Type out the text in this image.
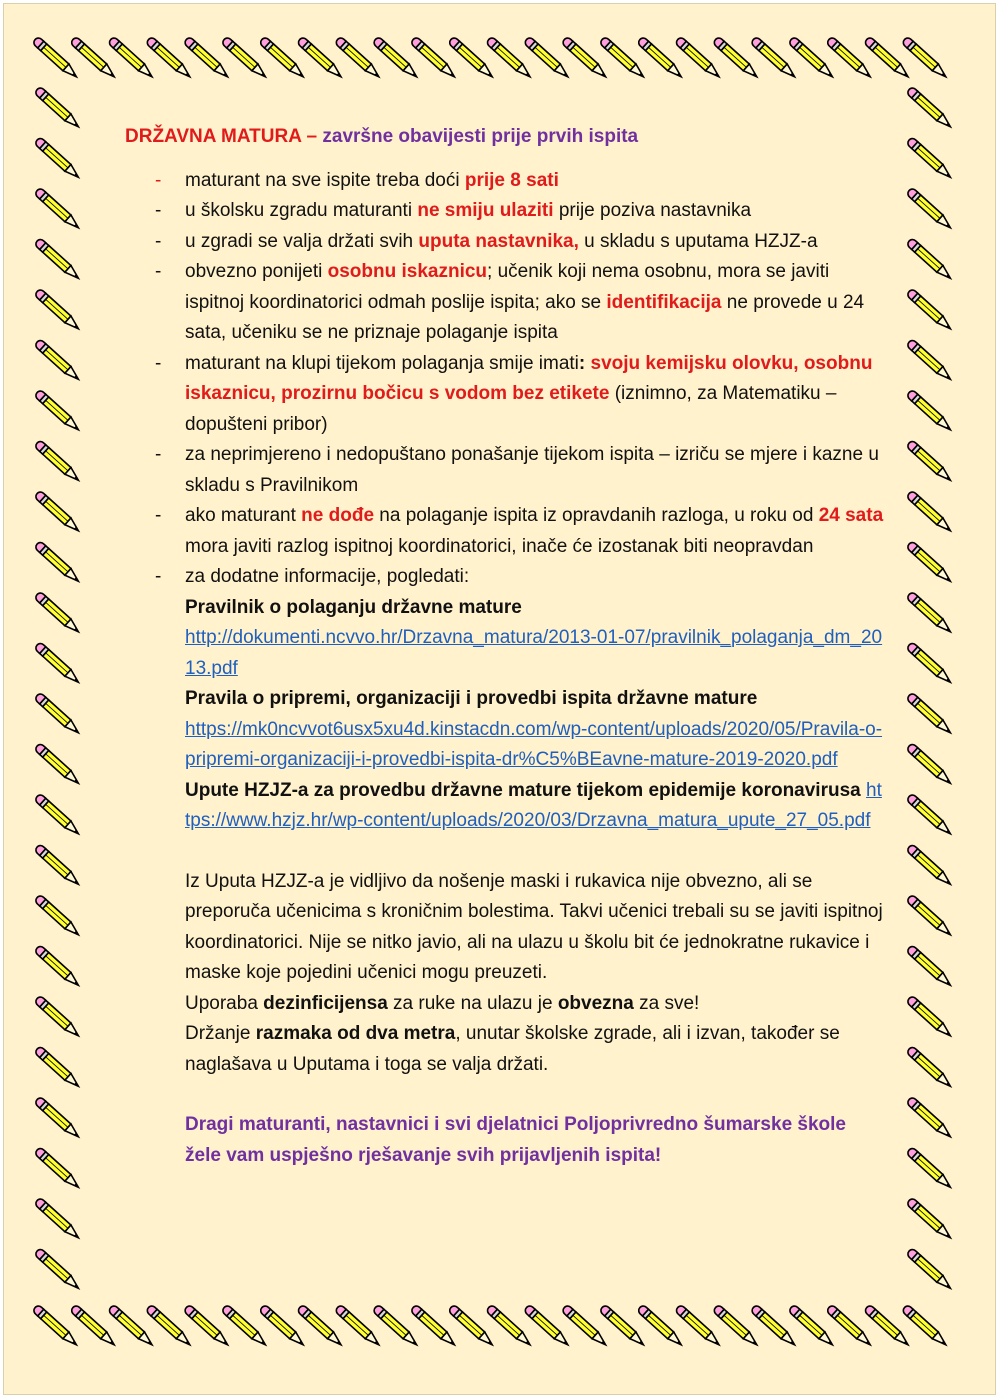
DRŽAVNA MATURA – završne obavijesti prije prvih ispita

- maturant na sve ispite treba doći prije 8 sati
- u školsku zgradu maturanti ne smiju ulaziti prije poziva nastavnika
- u zgradi se valja držati svih uputa nastavnika, u skladu s uputama HZJZ-a
- obvezno ponijeti osobnu iskaznicu; učenik koji nema osobnu, mora se javiti ispitnoj koordinatorici odmah poslije ispita; ako se identifikacija ne provede u 24 sata, učeniku se ne priznaje polaganje ispita
- maturant na klupi tijekom polaganja smije imati: svoju kemijsku olovku, osobnu iskaznicu, prozirnu bočicu s vodom bez etikete (iznimno, za Matematiku – dopušteni pribor)
- za neprimjereno i nedopuštano ponašanje tijekom ispita – izriču se mjere i kazne u skladu s Pravilnikom
- ako maturant ne dođe na polaganje ispita iz opravdanih razloga, u roku od 24 sata mora javiti razlog ispitnoj koordinatorici, inače će izostanak biti neopravdan
- za dodatne informacije, pogledati:
Pravilnik o polaganju državne mature
http://dokumenti.ncvvo.hr/Drzavna_matura/2013-01-07/pravilnik_polaganja_dm_2013.pdf
Pravila o pripremi, organizaciji i provedbi ispita državne mature
https://mk0ncvvot6usx5xu4d.kinstacdn.com/wp-content/uploads/2020/05/Pravila-o-pripremi-organizaciji-i-provedbi-ispita-dr%C5%BEavne-mature-2019-2020.pdf
Upute HZJZ-a za provedbu državne mature tijekom epidemije koronavirusa https://www.hzjz.hr/wp-content/uploads/2020/03/Drzavna_matura_upute_27_05.pdf

Iz Uputa HZJZ-a je vidljivo da nošenje maski i rukavica nije obvezno, ali se preporuča učenicima s kroničnim bolestima. Takvi učenici trebali su se javiti ispitnoj koordinatorici. Nije se nitko javio, ali na ulazu u školu bit će jednokratne rukavice i maske koje pojedini učenici mogu preuzeti.
Uporaba dezinficijensa za ruke na ulazu je obvezna za sve!
Držanje razmaka od dva metra, unutar školske zgrade, ali i izvan, također se naglašava u Uputama i toga se valja držati.

Dragi maturanti, nastavnici i svi djelatnici Poljoprivredno šumarske škole žele vam uspješno rješavanje svih prijavljenih ispita!
